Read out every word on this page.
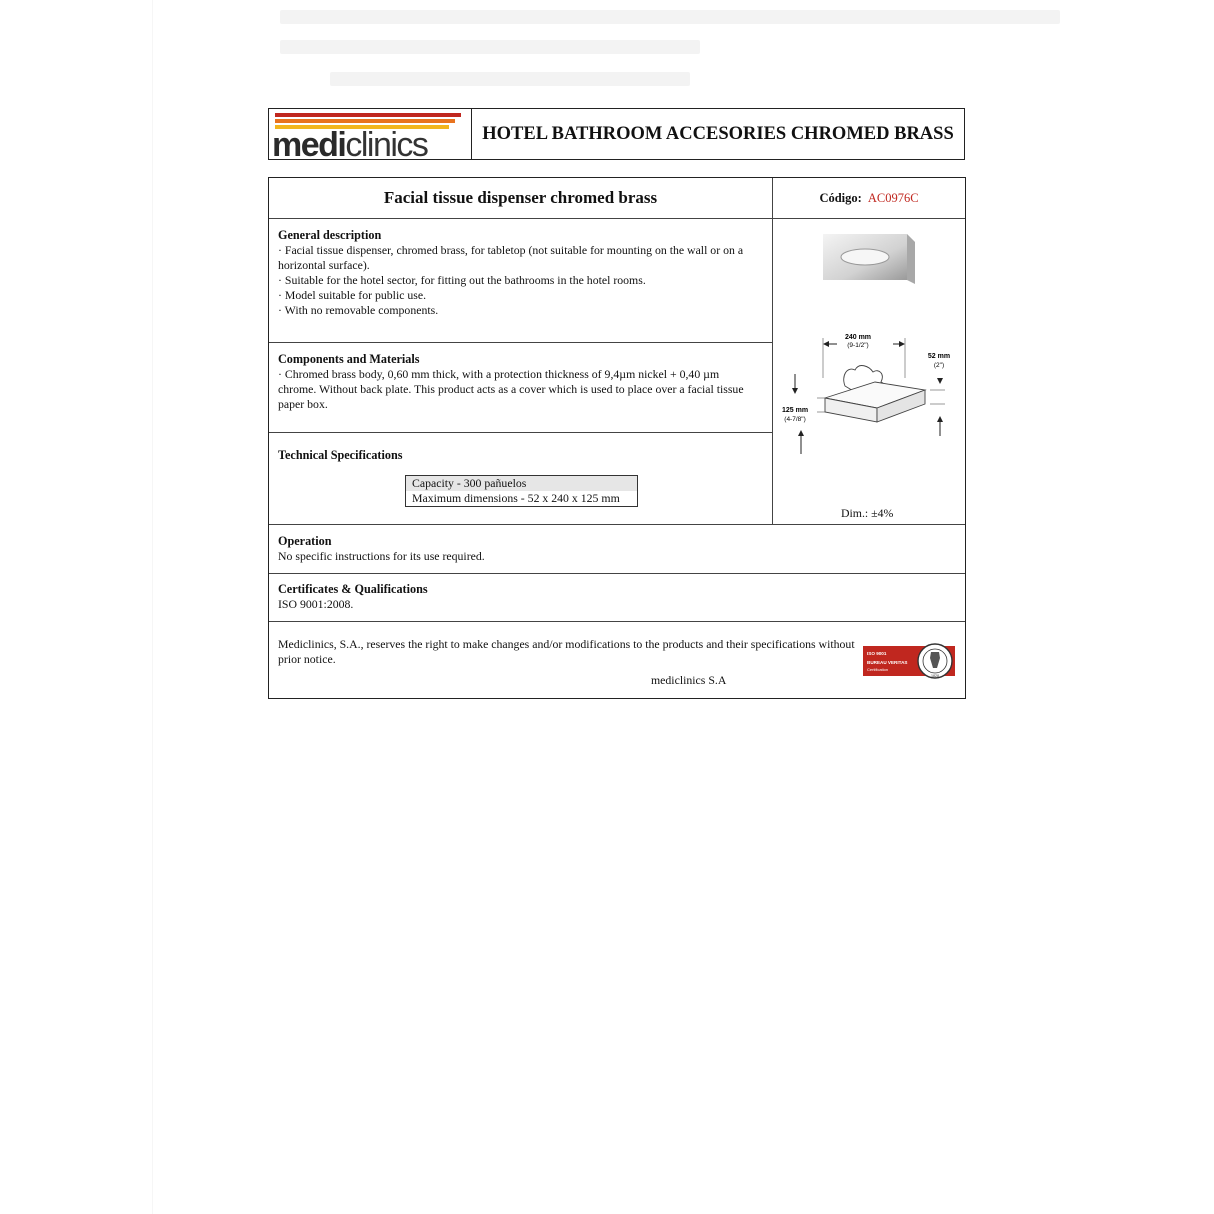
mediclinics	HOTEL BATHROOM ACCESORIES CHROMED BRASS
Facial tissue dispenser chromed brass	Código: AC0976C
General description

· Facial tissue dispenser, chromed brass, for tabletop (not suitable for mounting on the wall or on a horizontal surface).

· Suitable for the hotel sector, for fitting out the bathrooms in the hotel rooms.

· Model suitable for public use.

· With no removable components.

Components and Materials

· Chromed brass body, 0,60 mm thick, with a protection thickness of 9,4µm nickel + 0,40 µm chrome. Without back plate. This product acts as a cover which is used to place over a facial tissue paper box.

Technical Specifications
Capacity - 300 pañuelos
Maximum dimensions - 52 x 240 x 125 mm
240 mm
(9-1/2")
52 mm
(2")
125 mm
(4-7/8")
Dim.: ±4%
Operation

No specific instructions for its use required.

Certificates & Qualifications

ISO 9001:2008.

Mediclinics, S.A., reserves the right to make changes and/or modifications to the products and their specifications without prior notice.
mediclinics S.A
ISO 9001
BUREAU VERITAS
Certification
1828
